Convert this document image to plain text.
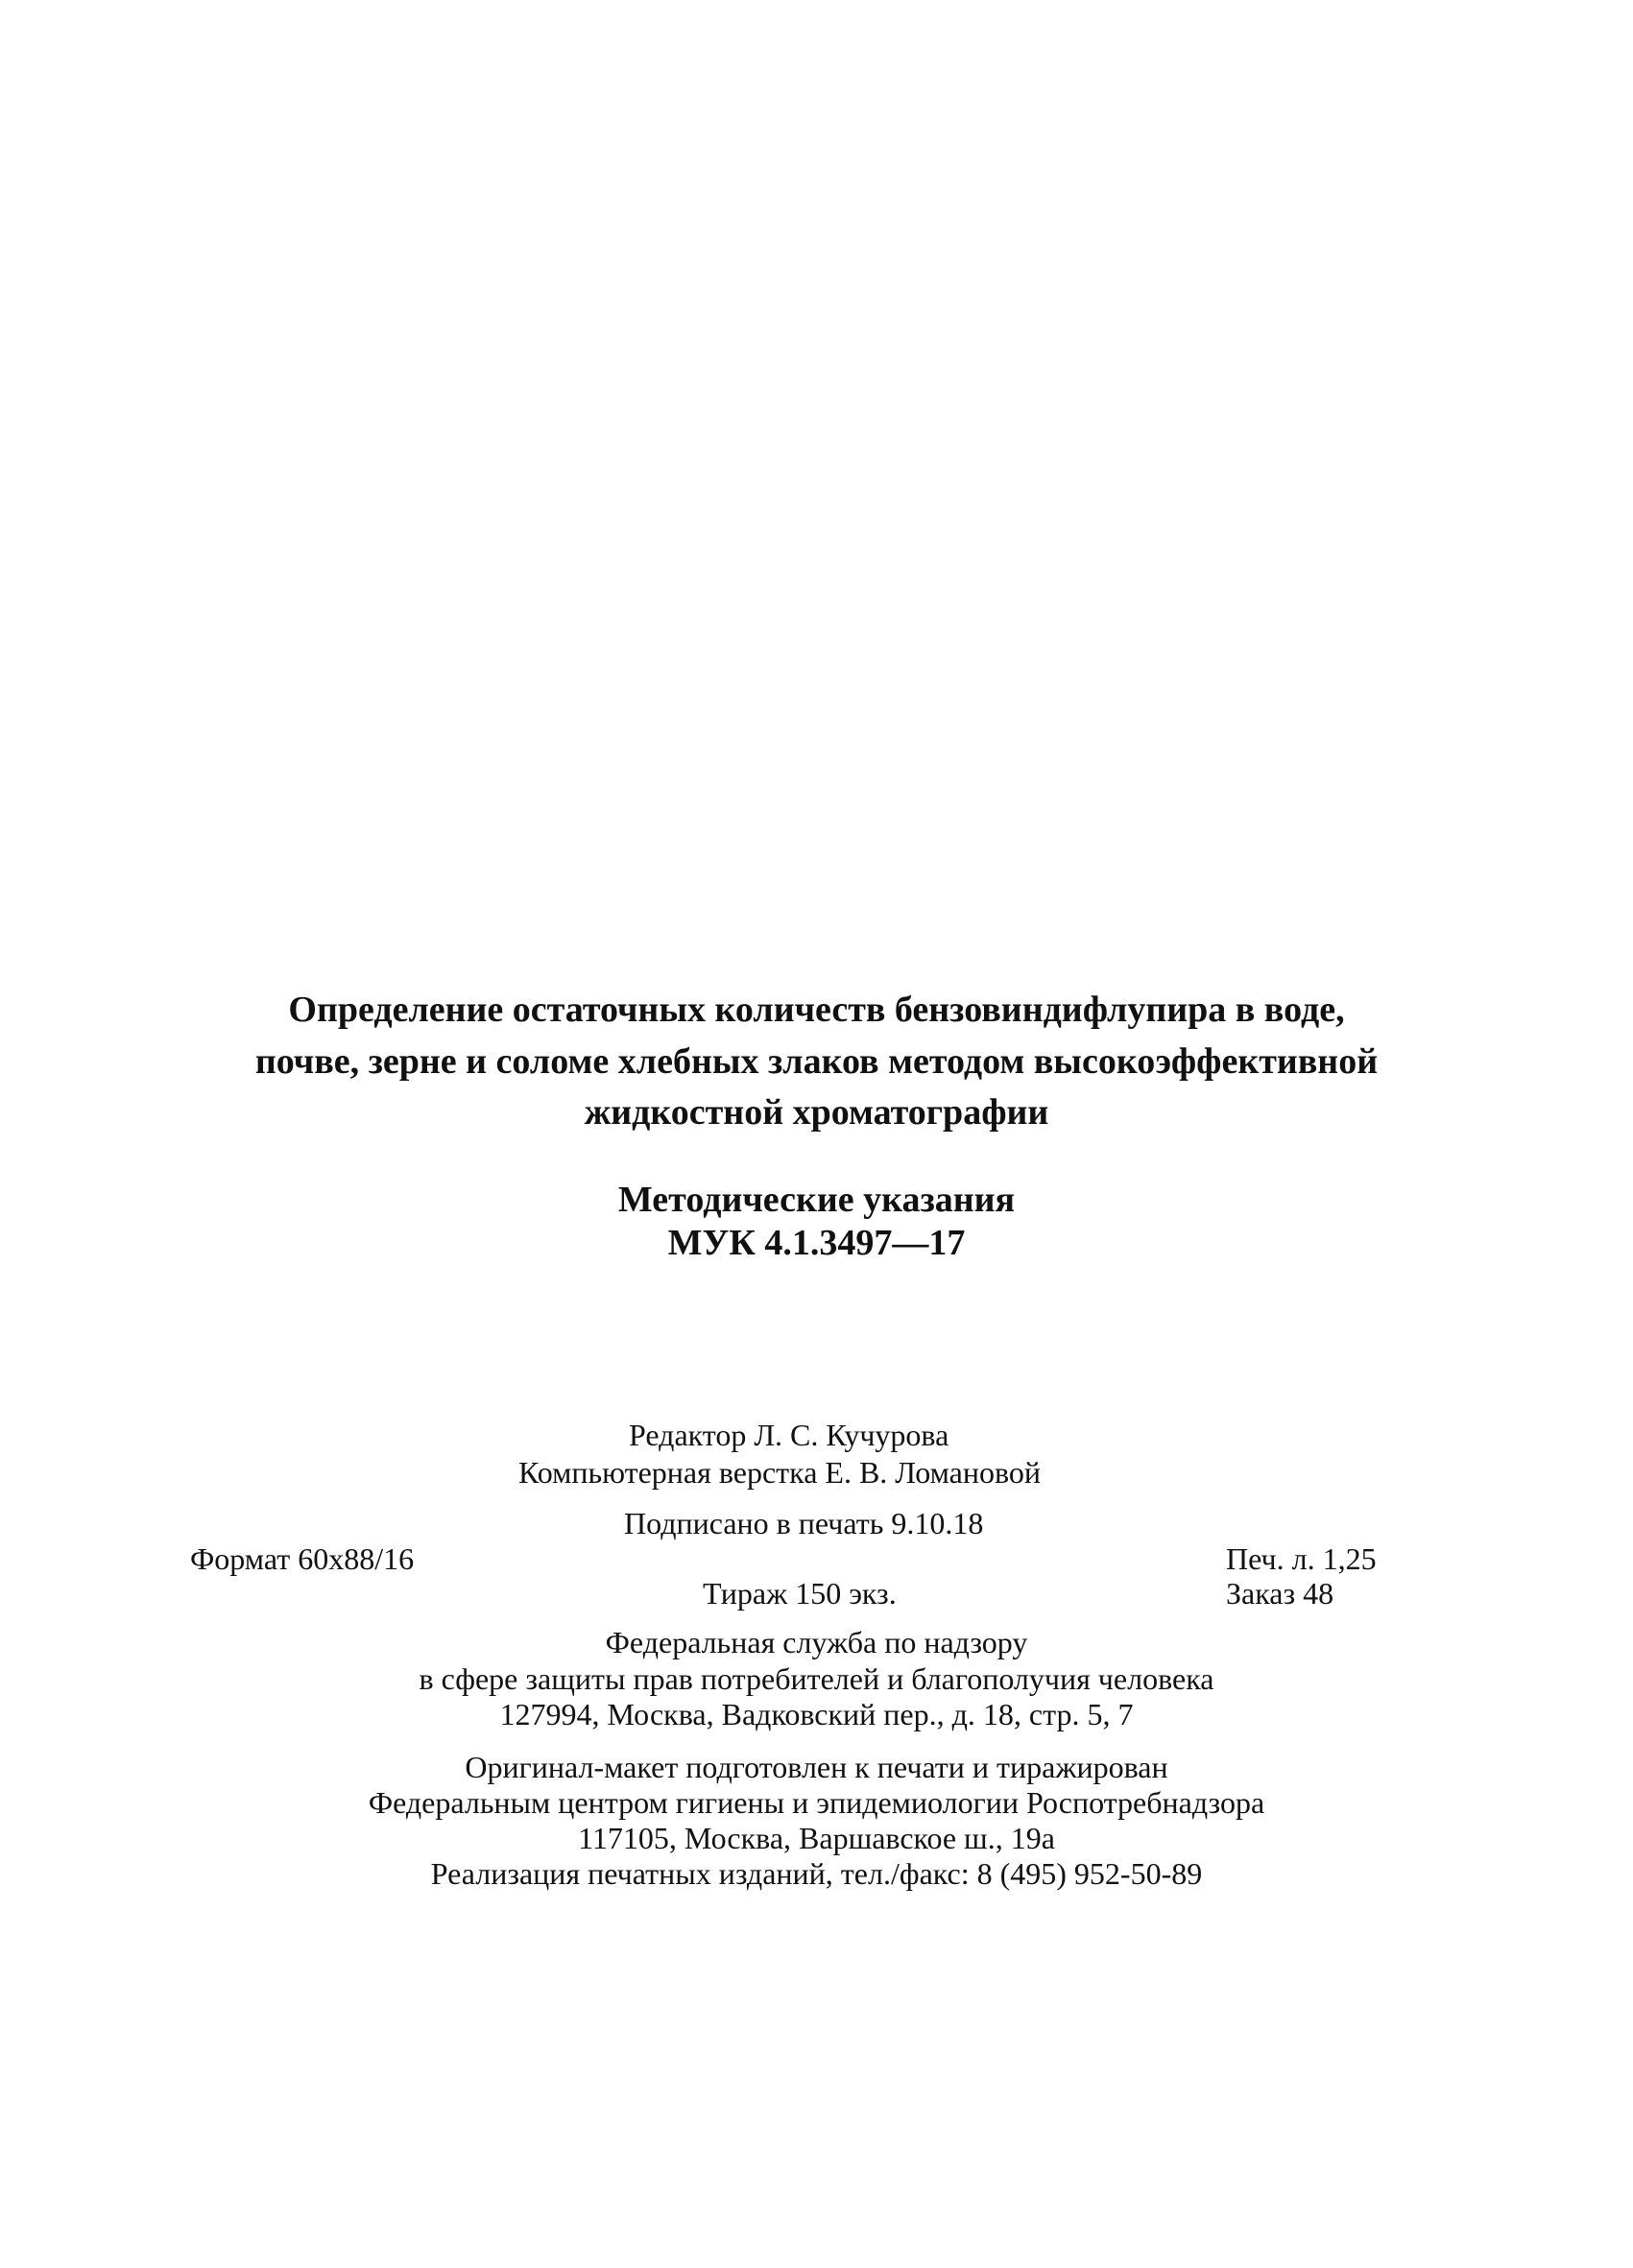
Определение остаточных количеств бензовиндифлупира в воде,
почве, зерне и соломе хлебных злаков методом высокоэффективной
жидкостной хроматографии
Методические указания
МУК 4.1.3497—17
Редактор Л. С. Кучурова
Компьютерная верстка Е. В. Ломановой
Подписано в печать 9.10.18
Формат 60х88/16	Печ. л. 1,25
Тираж 150 экз.	Заказ 48
Федеральная служба по надзору
в сфере защиты прав потребителей и благополучия человека
127994, Москва, Вадковский пер., д. 18, стр. 5, 7
Оригинал-макет подготовлен к печати и тиражирован
Федеральным центром гигиены и эпидемиологии Роспотребнадзора
117105, Москва, Варшавское ш., 19а
Реализация печатных изданий, тел./факс: 8 (495) 952-50-89
